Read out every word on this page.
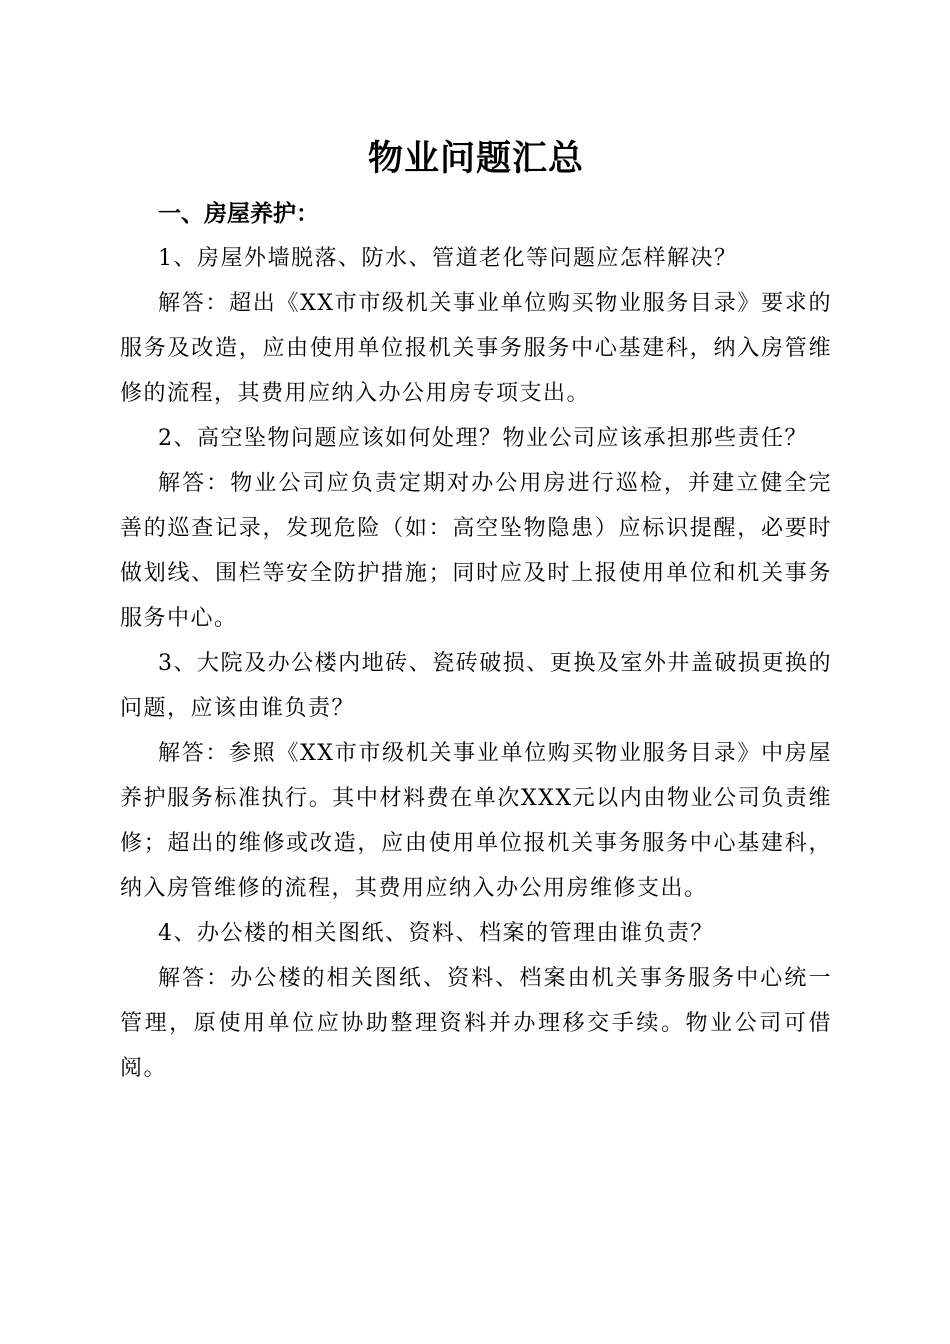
物业问题汇总

一、房屋养护：

1、房屋外墙脱落、防水、管道老化等问题应怎样解决？

解答：超出《XX市市级机关事业单位购买物业服务目录》要求的服务及改造，应由使用单位报机关事务服务中心基建科，纳入房管维修的流程，其费用应纳入办公用房专项支出。

2、高空坠物问题应该如何处理？物业公司应该承担那些责任？

解答：物业公司应负责定期对办公用房进行巡检，并建立健全完善的巡查记录，发现危险（如：高空坠物隐患）应标识提醒，必要时做划线、围栏等安全防护措施；同时应及时上报使用单位和机关事务服务中心。

3、大院及办公楼内地砖、瓷砖破损、更换及室外井盖破损更换的问题，应该由谁负责？

解答：参照《XX市市级机关事业单位购买物业服务目录》中房屋养护服务标准执行。其中材料费在单次XXX元以内由物业公司负责维修；超出的维修或改造，应由使用单位报机关事务服务中心基建科，纳入房管维修的流程，其费用应纳入办公用房维修支出。

4、办公楼的相关图纸、资料、档案的管理由谁负责？

解答：办公楼的相关图纸、资料、档案由机关事务服务中心统一管理，原使用单位应协助整理资料并办理移交手续。物业公司可借阅。
